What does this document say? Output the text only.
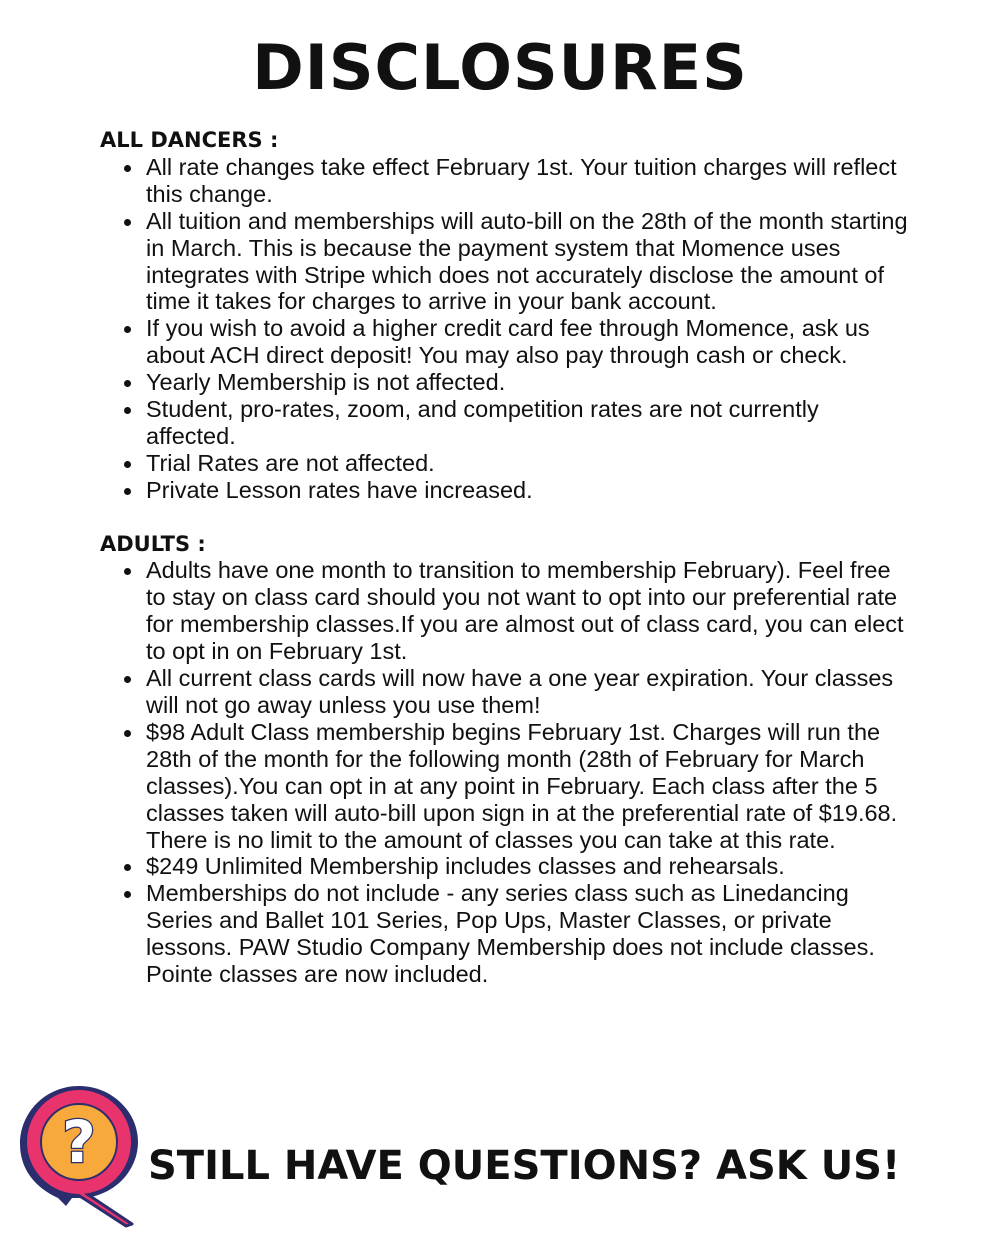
DISCLOSURES

ALL DANCERS :

All rate changes take effect February 1st. Your tuition charges will reflect this change.
All tuition and memberships will auto-bill on the 28th of the month starting in March. This is because the payment system that Momence uses integrates with Stripe which does not accurately disclose the amount of time it takes for charges to arrive in your bank account.
If you wish to avoid a higher credit card fee through Momence, ask us about ACH direct deposit! You may also pay through cash or check.
Yearly Membership is not affected.
Student, pro-rates, zoom, and competition rates are not currently affected.
Trial Rates are not affected.
Private Lesson rates have increased.

ADULTS :

Adults have one month to transition to membership February). Feel free to stay on class card should you not want to opt into our preferential rate for membership classes.If you are almost out of class card, you can elect to opt in on February 1st.
All current class cards will now have a one year expiration. Your classes will not go away unless you use them!
$98 Adult Class membership begins February 1st. Charges will run the 28th of the month for the following month (28th of February for March classes).You can opt in at any point in February. Each class after the 5 classes taken will auto-bill upon sign in at the preferential rate of $19.68. There is no limit to the amount of classes you can take at this rate.
$249 Unlimited Membership includes classes and rehearsals.
Memberships do not include - any series class such as Linedancing Series and Ballet 101 Series, Pop Ups, Master Classes, or private lessons. PAW Studio Company Membership does not include classes. Pointe classes are now included.
? STILL HAVE QUESTIONS? ASK US!
